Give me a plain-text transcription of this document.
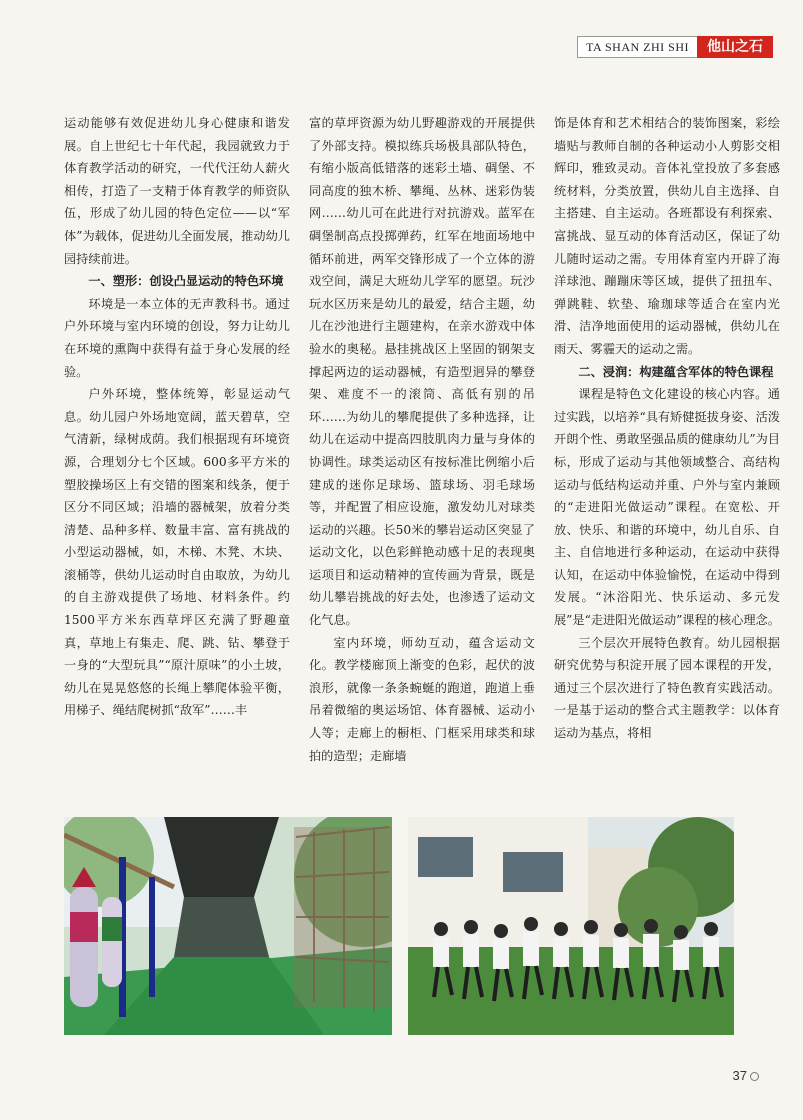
TA SHAN ZHI SHI	他山之石

运动能够有效促进幼儿身心健康和谐发展。自上世纪七十年代起，我园就致力于体育教学活动的研究，一代代汪幼人薪火相传，打造了一支精于体育教学的师资队伍，形成了幼儿园的特色定位——以“军体”为载体，促进幼儿全面发展，推动幼儿园持续前进。

一、塑形：创设凸显运动的特色环境

环境是一本立体的无声教科书。通过户外环境与室内环境的创设，努力让幼儿在环境的熏陶中获得有益于身心发展的经验。

户外环境，整体统筹，彰显运动气息。幼儿园户外场地宽阔，蓝天碧草，空气清新，绿树成荫。我们根据现有环境资源，合理划分七个区域。600多平方米的塑胶操场区上有交错的图案和线条，便于区分不同区域；沿墙的器械架，放着分类清楚、品种多样、数量丰富、富有挑战的小型运动器械，如，木梯、木凳、木块、滚桶等，供幼儿运动时自由取放，为幼儿的自主游戏提供了场地、材料条件。约1500平方米东西草坪区充满了野趣童真，草地上有集走、爬、跳、钻、攀登于一身的“大型玩具”“原汁原味”的小土坡，幼儿在晃晃悠悠的长绳上攀爬体验平衡，用梯子、绳结爬树抓“敌军”……丰

富的草坪资源为幼儿野趣游戏的开展提供了外部支持。模拟练兵场极具部队特色，有缩小版高低错落的迷彩土墙、碉堡、不同高度的独木桥、攀绳、丛林、迷彩伪装网……幼儿可在此进行对抗游戏。蓝军在碉堡制高点投掷弹药，红军在地面场地中循环前进，两军交锋形成了一个立体的游戏空间，满足大班幼儿学军的愿望。玩沙玩水区历来是幼儿的最爱，结合主题，幼儿在沙池进行主题建构，在亲水游戏中体验水的奥秘。悬挂挑战区上坚固的钢架支撑起两边的运动器械，有造型迥异的攀登架、难度不一的滚筒、高低有别的吊环……为幼儿的攀爬提供了多种选择，让幼儿在运动中提高四肢肌肉力量与身体的协调性。球类运动区有按标准比例缩小后建成的迷你足球场、篮球场、羽毛球场等，并配置了相应设施，激发幼儿对球类运动的兴趣。长50米的攀岩运动区突显了运动文化，以色彩鲜艳动感十足的表现奥运项目和运动精神的宣传画为背景，既是幼儿攀岩挑战的好去处，也渗透了运动文化气息。

室内环境，师幼互动，蕴含运动文化。教学楼廊顶上渐变的色彩，起伏的波浪形，就像一条条蜿蜒的跑道，跑道上垂吊着微缩的奥运场馆、体育器械、运动小人等；走廊上的橱柜、门框采用球类和球拍的造型；走廊墙

饰是体育和艺术相结合的装饰图案，彩绘墙贴与教师自制的各种运动小人剪影交相辉印，雅致灵动。音体礼堂投放了多套感统材料，分类放置，供幼儿自主选择、自主搭建、自主运动。各班都设有利探索、富挑战、显互动的体育活动区，保证了幼儿随时运动之需。专用体育室内开辟了海洋球池、蹦蹦床等区域，提供了扭扭车、弹跳鞋、软垫、瑜珈球等适合在室内光滑、洁净地面使用的运动器械，供幼儿在雨天、雾霾天的运动之需。

二、浸润：构建蕴含军体的特色课程

课程是特色文化建设的核心内容。通过实践，以培养“具有矫健挺拔身姿、活泼开朗个性、勇敢坚强品质的健康幼儿”为目标，形成了运动与其他领域整合、高结构运动与低结构运动并重、户外与室内兼顾的“走进阳光做运动”课程。在宽松、开放、快乐、和谐的环境中，幼儿自乐、自主、自信地进行多种运动，在运动中获得认知，在运动中体验愉悦，在运动中得到发展。“沐浴阳光、快乐运动、多元发展”是“走进阳光做运动”课程的核心理念。

三个层次开展特色教育。幼儿园根据研究优势与积淀开展了园本课程的开发，通过三个层次进行了特色教育实践活动。一是基于运动的整合式主题教学：以体育运动为基点，将相

37
